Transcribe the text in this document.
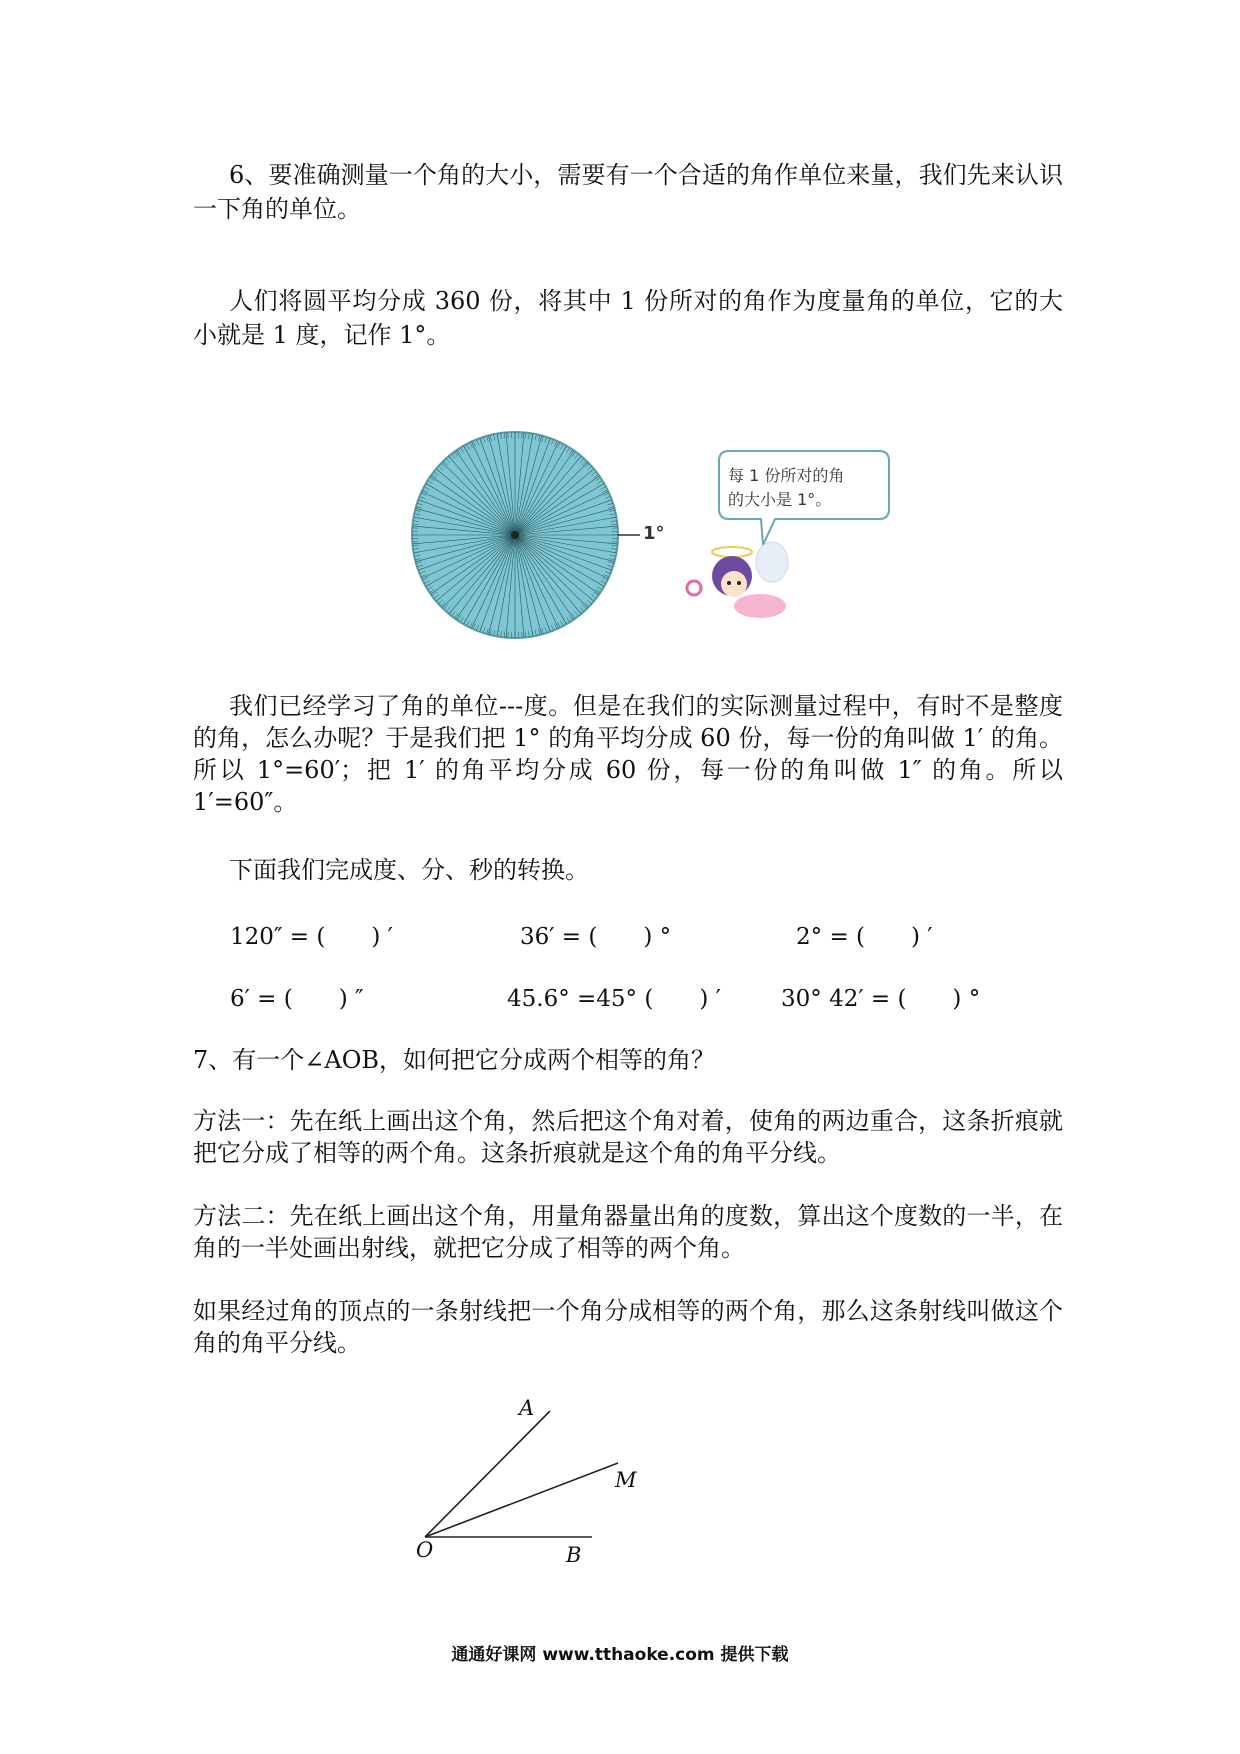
6、要准确测量一个角的大小，需要有一个合适的角作单位来量，我们先来认识一下角的单位。

人们将圆平均分成 360 份，将其中 1 份所对的角作为度量角的单位，它的大小就是 1 度，记作 1°。

1°
每 1 份所对的角
的大小是 1°。

我们已经学习了角的单位---度。但是在我们的实际测量过程中，有时不是整度的角，怎么办呢？于是我们把 1° 的角平均分成 60 份，每一份的角叫做 1′ 的角。所以 1°=60′；把 1′ 的角平均分成 60 份，每一份的角叫做 1″ 的角。所以 1′=60″。

下面我们完成度、分、秒的转换。

120″ = (　　) ′	36′ = (　　) °	2° = (　　) ′
6′ = (　　) ″	45.6° =45° (　　) ′	30° 42′ = (　　) °

7、有一个∠AOB，如何把它分成两个相等的角？

方法一：先在纸上画出这个角，然后把这个角对着，使角的两边重合，这条折痕就把它分成了相等的两个角。这条折痕就是这个角的角平分线。

方法二：先在纸上画出这个角，用量角器量出角的度数，算出这个度数的一半，在角的一半处画出射线，就把它分成了相等的两个角。

如果经过角的顶点的一条射线把一个角分成相等的两个角，那么这条射线叫做这个角的角平分线。

A
M
O	B
通通好课网 www.tthaoke.com 提供下载
